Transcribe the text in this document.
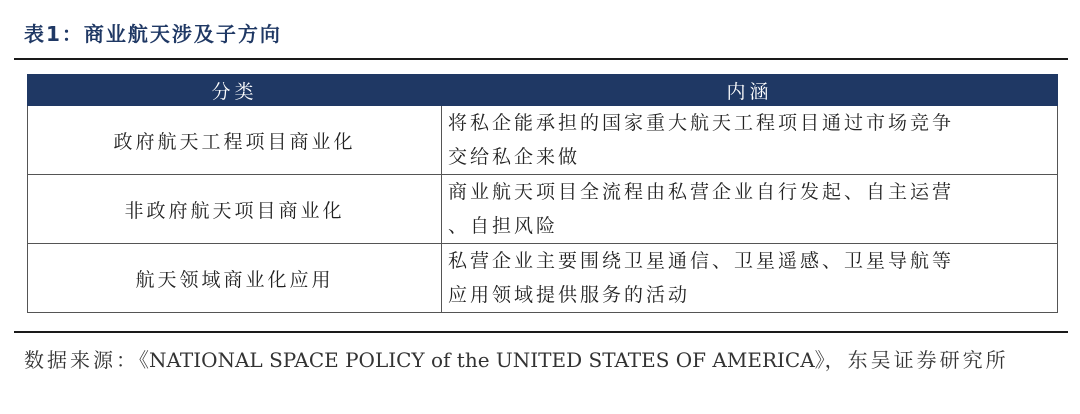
表1：商业航天涉及子方向
分类	内涵
政府航天工程项目商业化	将私企能承担的国家重大航天工程项目通过市场竞争
交给私企来做
非政府航天项目商业化	商业航天项目全流程由私营企业自行发起、自主运营
、自担风险
航天领域商业化应用	私营企业主要围绕卫星通信、卫星遥感、卫星导航等
应用领域提供服务的活动
数据来源：《NATIONAL SPACE POLICY of the UNITED STATES OF AMERICA》，东吴证券研究所
